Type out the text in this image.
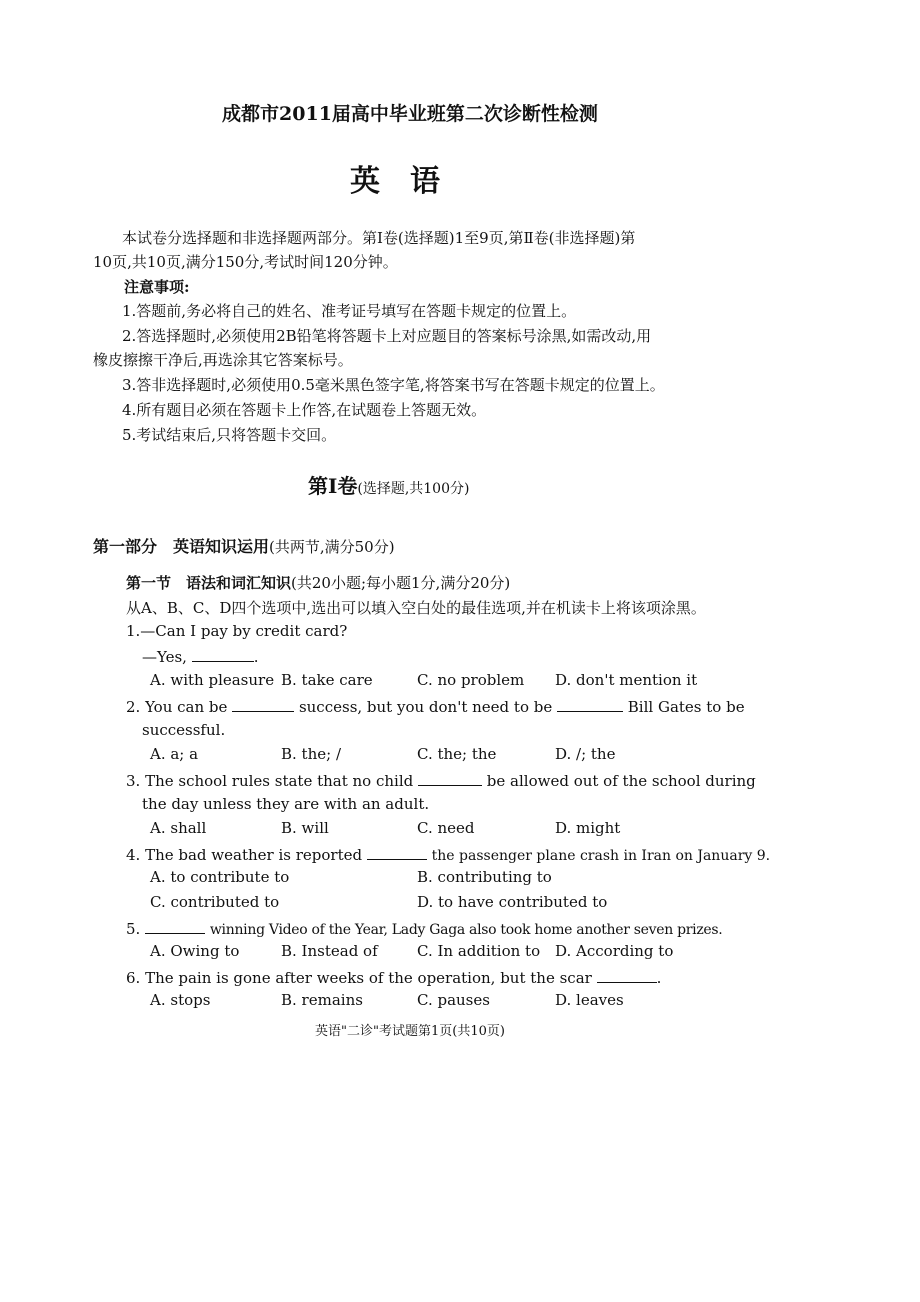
成都市2011届高中毕业班第二次诊断性检测
英语
本试卷分选择题和非选择题两部分。第Ⅰ卷(选择题)1至9页,第Ⅱ卷(非选择题)第
10页,共10页,满分150分,考试时间120分钟。
注意事项:
1.答题前,务必将自己的姓名、准考证号填写在答题卡规定的位置上。
2.答选择题时,必须使用2B铅笔将答题卡上对应题目的答案标号涂黑,如需改动,用
橡皮擦擦干净后,再选涂其它答案标号。
3.答非选择题时,必须使用0.5毫米黑色签字笔,将答案书写在答题卡规定的位置上。
4.所有题目必须在答题卡上作答,在试题卷上答题无效。
5.考试结束后,只将答题卡交回。
第Ⅰ卷(选择题,共100分)
第一部分　英语知识运用(共两节,满分50分)
第一节　语法和词汇知识(共20小题;每小题1分,满分20分)
从A、B、C、D四个选项中,选出可以填入空白处的最佳选项,并在机读卡上将该项涂黑。
1.—Can I pay by credit card?
—Yes,	.
A. with pleasure B. take care	C. no problem D. don't mention it
2. You can be	success, but you don't need to be	Bill Gates to be
successful.
A. a; a	B. the; /	C. the; the	D. /; the
3. The school rules state that no child	be allowed out of the school during
the day unless they are with an adult.
A. shall	B. will	C. need	D. might
4. The bad weather is reported	the passenger plane crash in Iran on January 9.
A. to contribute to	B. contributing to
C. contributed to	D. to have contributed to
5.	winning Video of the Year, Lady Gaga also took home another seven prizes.
A. Owing to	B. Instead of	C. In addition to D. According to
6. The pain is gone after weeks of the operation, but the scar	.
A. stops	B. remains	C. pauses	D. leaves
英语"二诊"考试题第1页(共10页)
